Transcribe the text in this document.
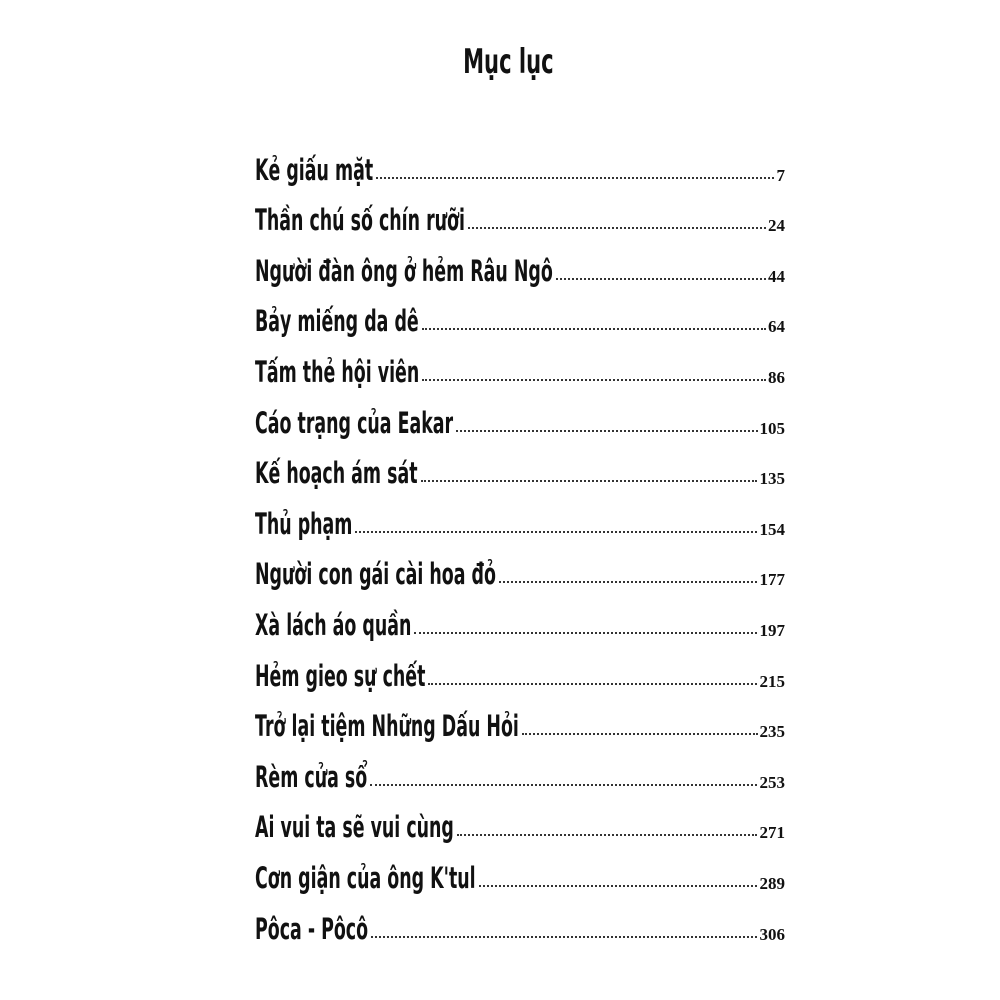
Mục lục
Kẻ giấu mặt	7
Thần chú số chín rưỡi	24
Người đàn ông ở hẻm Râu Ngô	44
Bảy miếng da dê	64
Tấm thẻ hội viên	86
Cáo trạng của Eakar	105
Kế hoạch ám sát	135
Thủ phạm	154
Người con gái cài hoa đỏ	177
Xà lách áo quần	197
Hẻm gieo sự chết	215
Trở lại tiệm Những Dấu Hỏi	235
Rèm cửa sổ	253
Ai vui ta sẽ vui cùng	271
Cơn giận của ông K'tul	289
Pôca - Pôcô	306
